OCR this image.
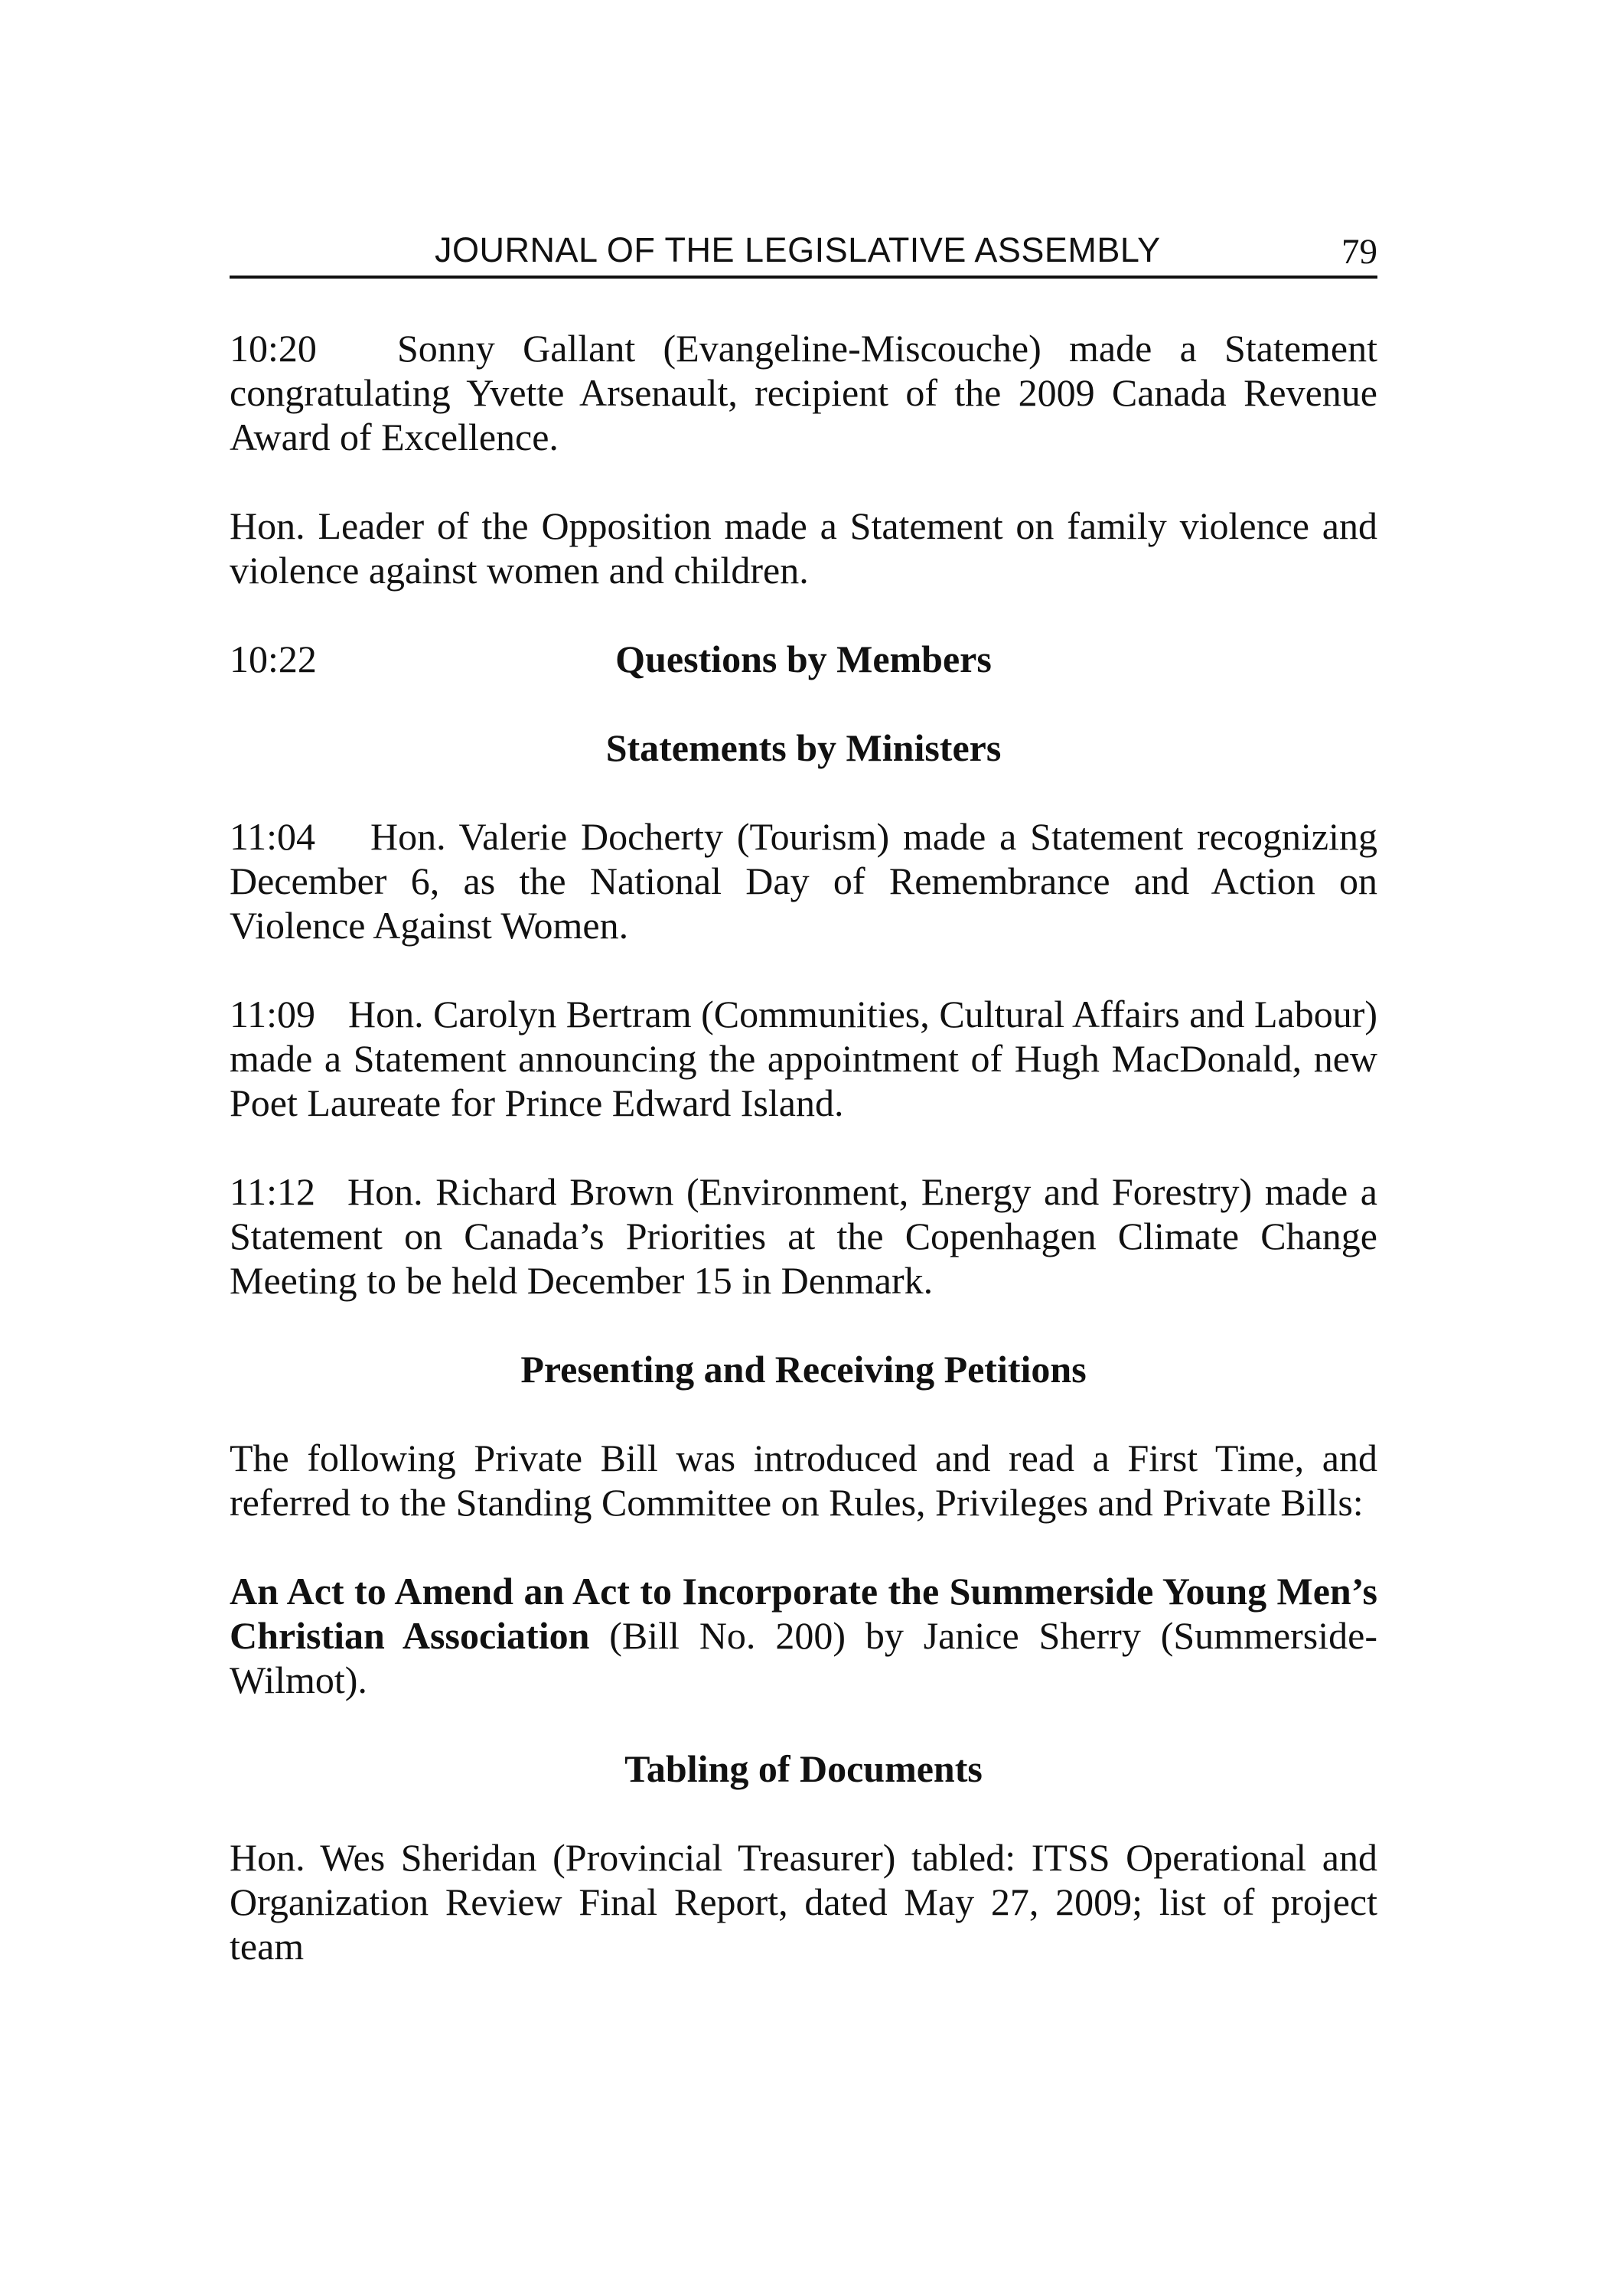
JOURNAL OF THE LEGISLATIVE ASSEMBLY	79

10:20 Sonny Gallant (Evangeline-Miscouche) made a Statement congratulating Yvette Arsenault, recipient of the 2009 Canada Revenue Award of Excellence.

Hon. Leader of the Opposition made a Statement on family violence and violence against women and children.

10:22	Questions by Members
Statements by Ministers

11:04 Hon. Valerie Docherty (Tourism) made a Statement recognizing December 6, as the National Day of Remembrance and Action on Violence Against Women.

11:09 Hon. Carolyn Bertram (Communities, Cultural Affairs and Labour) made a Statement announcing the appointment of Hugh MacDonald, new Poet Laureate for Prince Edward Island.

11:12 Hon. Richard Brown (Environment, Energy and Forestry) made a Statement on Canada’s Priorities at the Copenhagen Climate Change Meeting to be held December 15 in Denmark.

Presenting and Receiving Petitions

The following Private Bill was introduced and read a First Time, and referred to the Standing Committee on Rules, Privileges and Private Bills:

An Act to Amend an Act to Incorporate the Summerside Young Men’s Christian Association (Bill No. 200) by Janice Sherry (Summerside-Wilmot).

Tabling of Documents

Hon. Wes Sheridan (Provincial Treasurer) tabled: ITSS Operational and Organization Review Final Report, dated May 27, 2009; list of project team
